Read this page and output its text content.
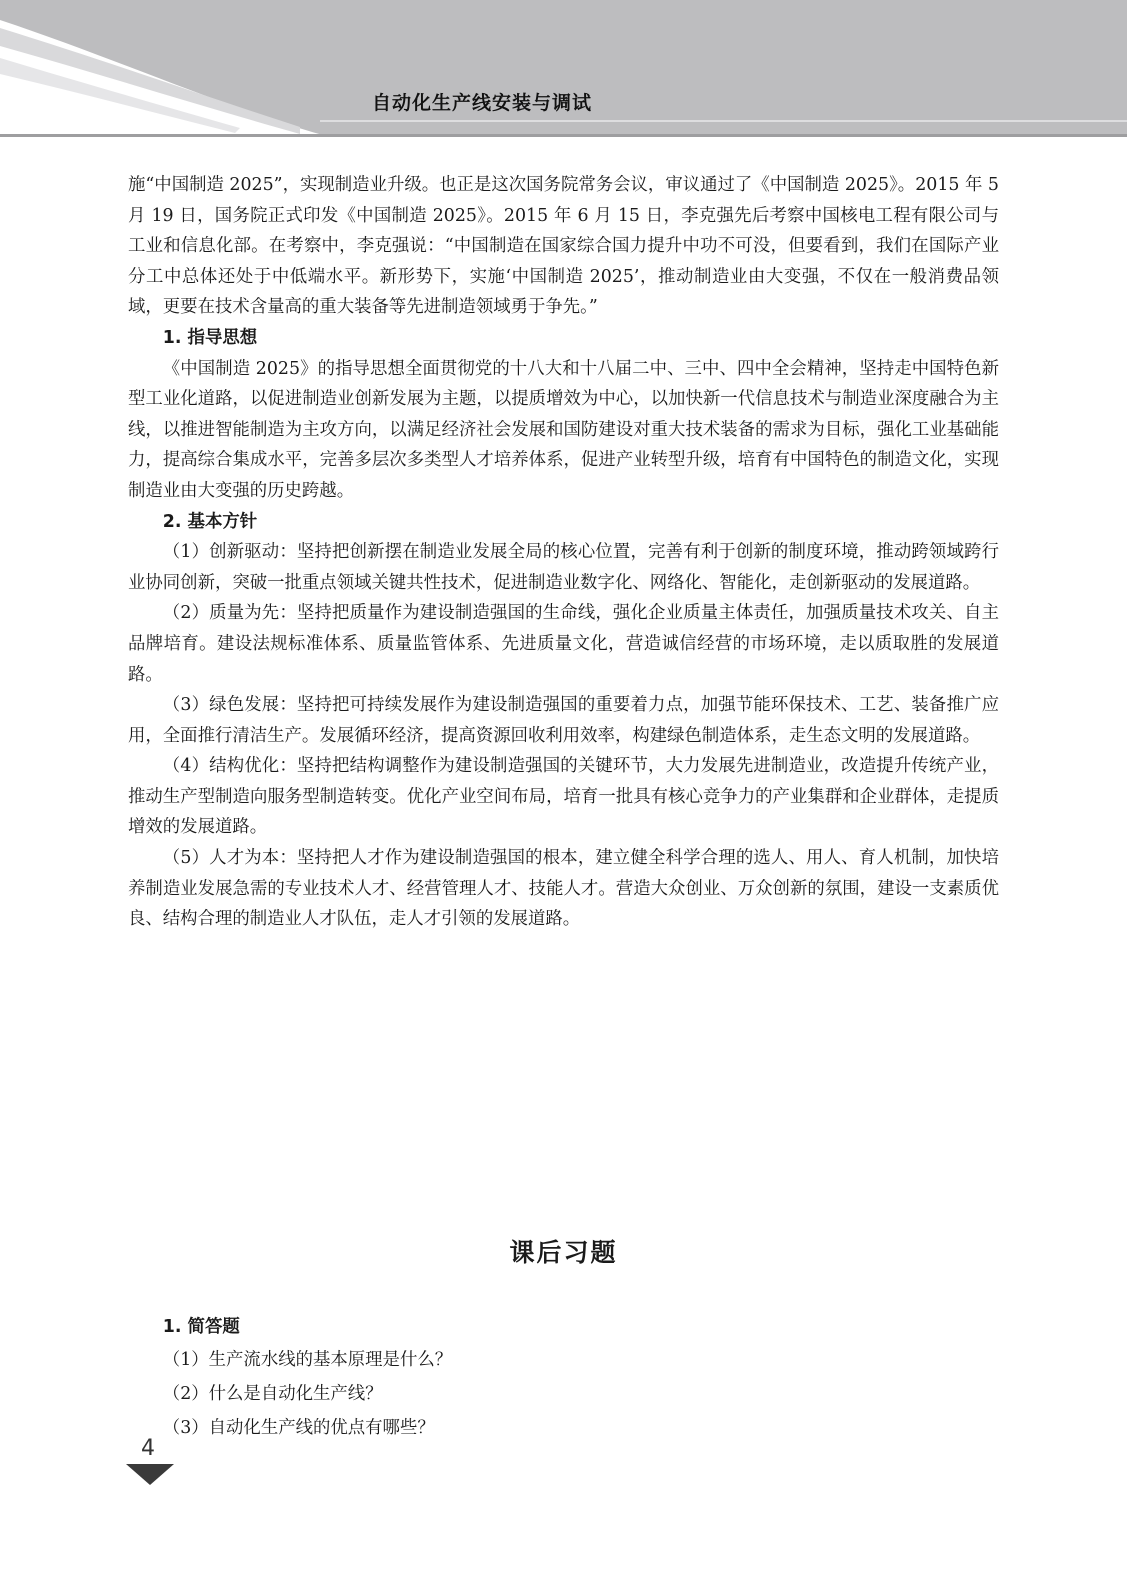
自动化生产线安装与调试

施“中国制造 2025”，实现制造业升级。也正是这次国务院常务会议，审议通过了《中国制造 2025》。2015 年 5 月 19 日，国务院正式印发《中国制造 2025》。2015 年 6 月 15 日，李克强先后考察中国核电工程有限公司与工业和信息化部。在考察中，李克强说：“中国制造在国家综合国力提升中功不可没，但要看到，我们在国际产业分工中总体还处于中低端水平。新形势下，实施‘中国制造 2025’，推动制造业由大变强，不仅在一般消费品领域，更要在技术含量高的重大装备等先进制造领域勇于争先。”

1. 指导思想

《中国制造 2025》的指导思想全面贯彻党的十八大和十八届二中、三中、四中全会精神，坚持走中国特色新型工业化道路，以促进制造业创新发展为主题，以提质增效为中心，以加快新一代信息技术与制造业深度融合为主线，以推进智能制造为主攻方向，以满足经济社会发展和国防建设对重大技术装备的需求为目标，强化工业基础能力，提高综合集成水平，完善多层次多类型人才培养体系，促进产业转型升级，培育有中国特色的制造文化，实现制造业由大变强的历史跨越。

2. 基本方针

（1）创新驱动：坚持把创新摆在制造业发展全局的核心位置，完善有利于创新的制度环境，推动跨领域跨行业协同创新，突破一批重点领域关键共性技术，促进制造业数字化、网络化、智能化，走创新驱动的发展道路。

（2）质量为先：坚持把质量作为建设制造强国的生命线，强化企业质量主体责任，加强质量技术攻关、自主品牌培育。建设法规标准体系、质量监管体系、先进质量文化，营造诚信经营的市场环境，走以质取胜的发展道路。

（3）绿色发展：坚持把可持续发展作为建设制造强国的重要着力点，加强节能环保技术、工艺、装备推广应用，全面推行清洁生产。发展循环经济，提高资源回收利用效率，构建绿色制造体系，走生态文明的发展道路。

（4）结构优化：坚持把结构调整作为建设制造强国的关键环节，大力发展先进制造业，改造提升传统产业，推动生产型制造向服务型制造转变。优化产业空间布局，培育一批具有核心竞争力的产业集群和企业群体，走提质增效的发展道路。

（5）人才为本：坚持把人才作为建设制造强国的根本，建立健全科学合理的选人、用人、育人机制，加快培养制造业发展急需的专业技术人才、经营管理人才、技能人才。营造大众创业、万众创新的氛围，建设一支素质优良、结构合理的制造业人才队伍，走人才引领的发展道路。

课后习题

1. 简答题

（1）生产流水线的基本原理是什么？

（2）什么是自动化生产线？

（3）自动化生产线的优点有哪些？

4
